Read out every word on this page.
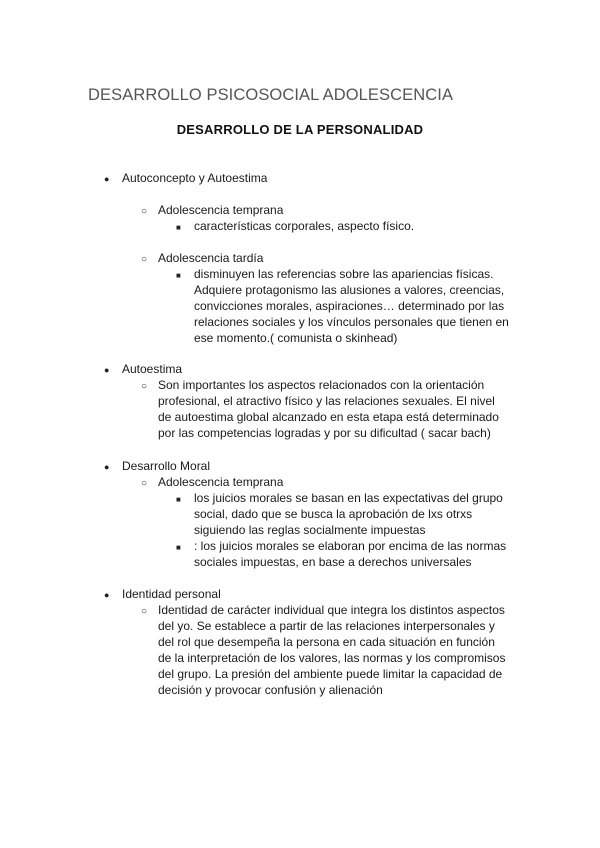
DESARROLLO PSICOSOCIAL ADOLESCENCIA
DESARROLLO DE LA PERSONALIDAD
●
Autoconcepto y Autoestima
○
Adolescencia temprana
■
características corporales, aspecto físico.
○
Adolescencia tardía
■
disminuyen las referencias sobre las apariencias físicas.
Adquiere protagonismo las alusiones a valores, creencias,
convicciones morales, aspiraciones… determinado por las
relaciones sociales y los vínculos personales que tienen en
ese momento.( comunista o skinhead)
●
Autoestima
○
Son importantes los aspectos relacionados con la orientación
profesional, el atractivo físico y las relaciones sexuales. El nivel
de autoestima global alcanzado en esta etapa está determinado
por las competencias logradas y por su dificultad ( sacar bach)
●
Desarrollo Moral
○
Adolescencia temprana
■
los juicios morales se basan en las expectativas del grupo
social, dado que se busca la aprobación de lxs otrxs
siguiendo las reglas socialmente impuestas
■
: los juicios morales se elaboran por encima de las normas
sociales impuestas, en base a derechos universales
●
Identidad personal
○
Identidad de carácter individual que integra los distintos aspectos
del yo. Se establece a partir de las relaciones interpersonales y
del rol que desempeña la persona en cada situación en función
de la interpretación de los valores, las normas y los compromisos
del grupo. La presión del ambiente puede limitar la capacidad de
decisión y provocar confusión y alienación
